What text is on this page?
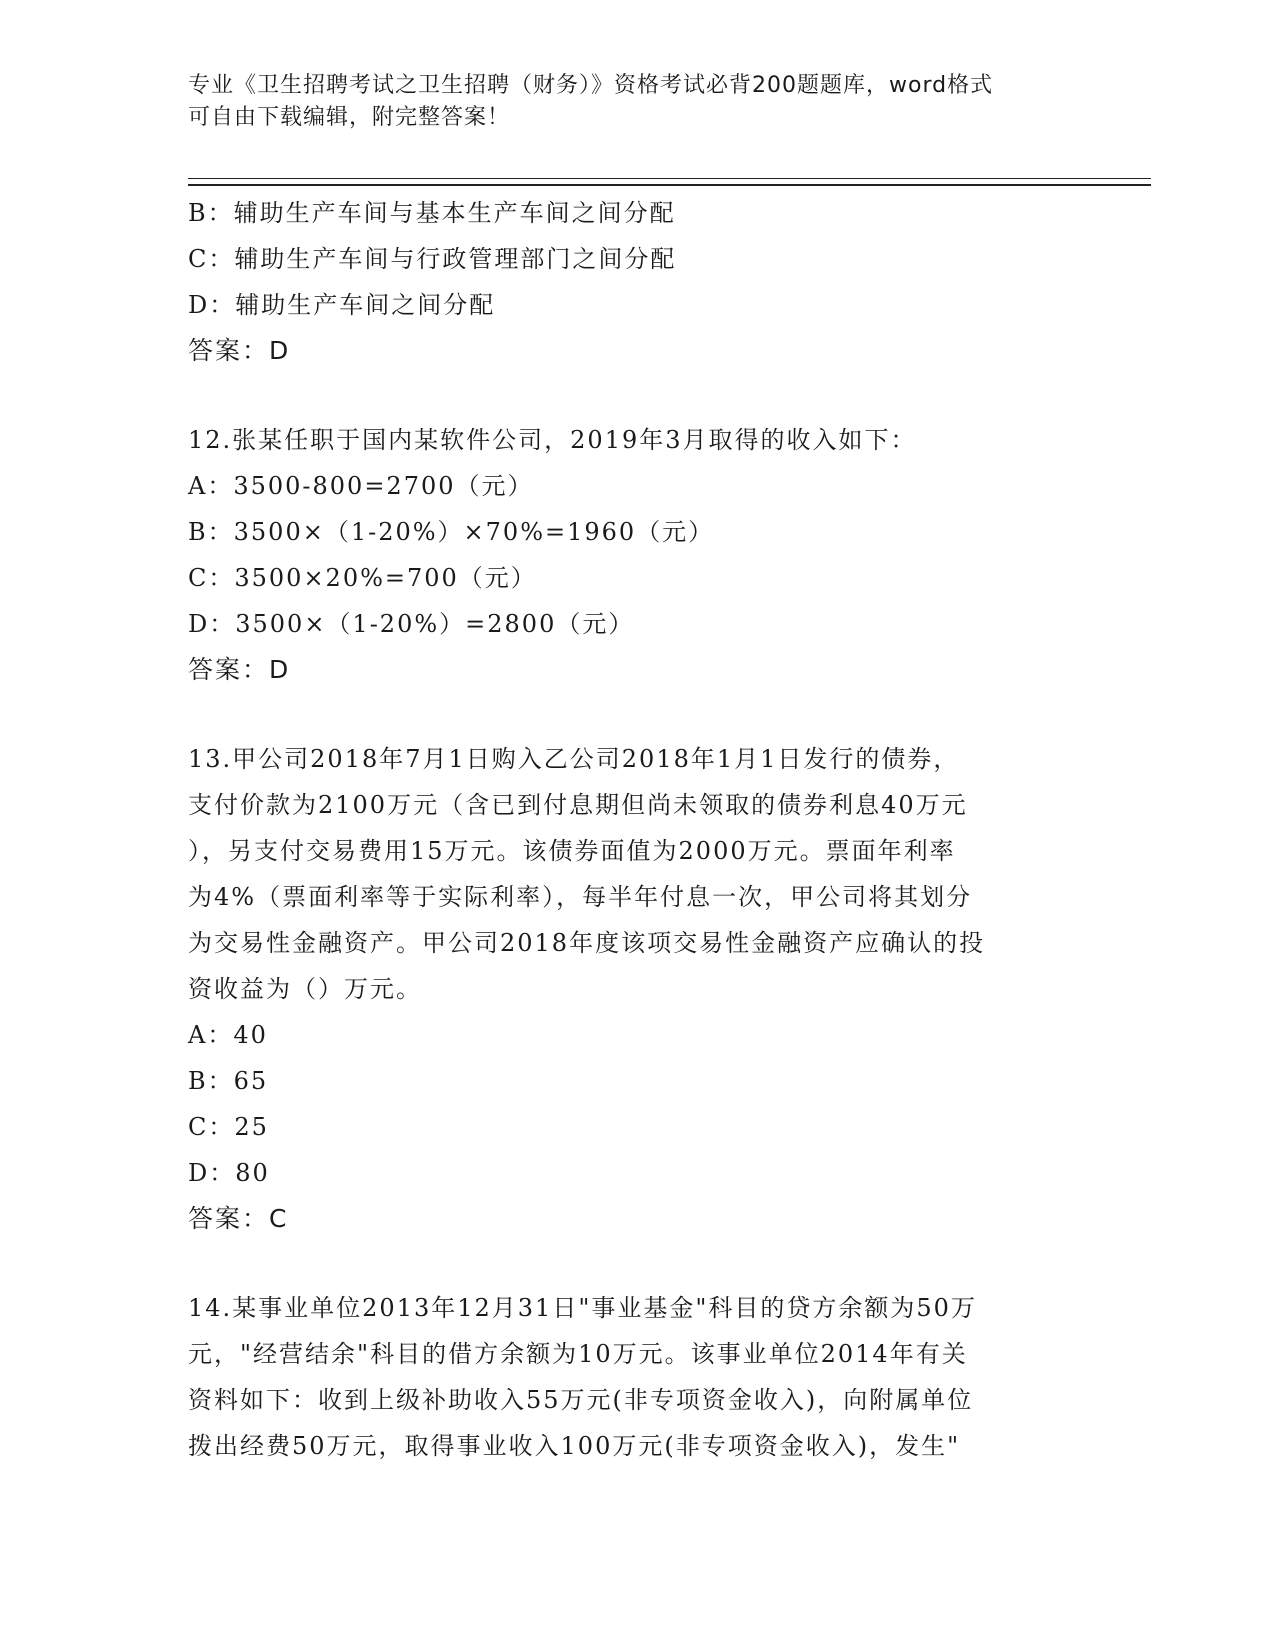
专业《卫生招聘考试之卫生招聘（财务）》资格考试必背200题题库，word格式
可自由下载编辑，附完整答案！
B：辅助生产车间与基本生产车间之间分配
C：辅助生产车间与行政管理部门之间分配
D：辅助生产车间之间分配
答案：D
12.张某任职于国内某软件公司，2019年3月取得的收入如下：
A：3500-800=2700（元）
B：3500×（1-20%）×70%=1960（元）
C：3500×20%=700（元）
D：3500×（1-20%）=2800（元）
答案：D
13.甲公司2018年7月1日购入乙公司2018年1月1日发行的债券，
支付价款为2100万元（含已到付息期但尚未领取的债券利息40万元
），另支付交易费用15万元。该债券面值为2000万元。票面年利率
为4%（票面利率等于实际利率），每半年付息一次，甲公司将其划分
为交易性金融资产。甲公司2018年度该项交易性金融资产应确认的投
资收益为（）万元。
A：40
B：65
C：25
D：80
答案：C
14.某事业单位2013年12月31日"事业基金"科目的贷方余额为50万
元，"经营结余"科目的借方余额为10万元。该事业单位2014年有关
资料如下：收到上级补助收入55万元(非专项资金收入)，向附属单位
拨出经费50万元，取得事业收入100万元(非专项资金收入)，发生"
